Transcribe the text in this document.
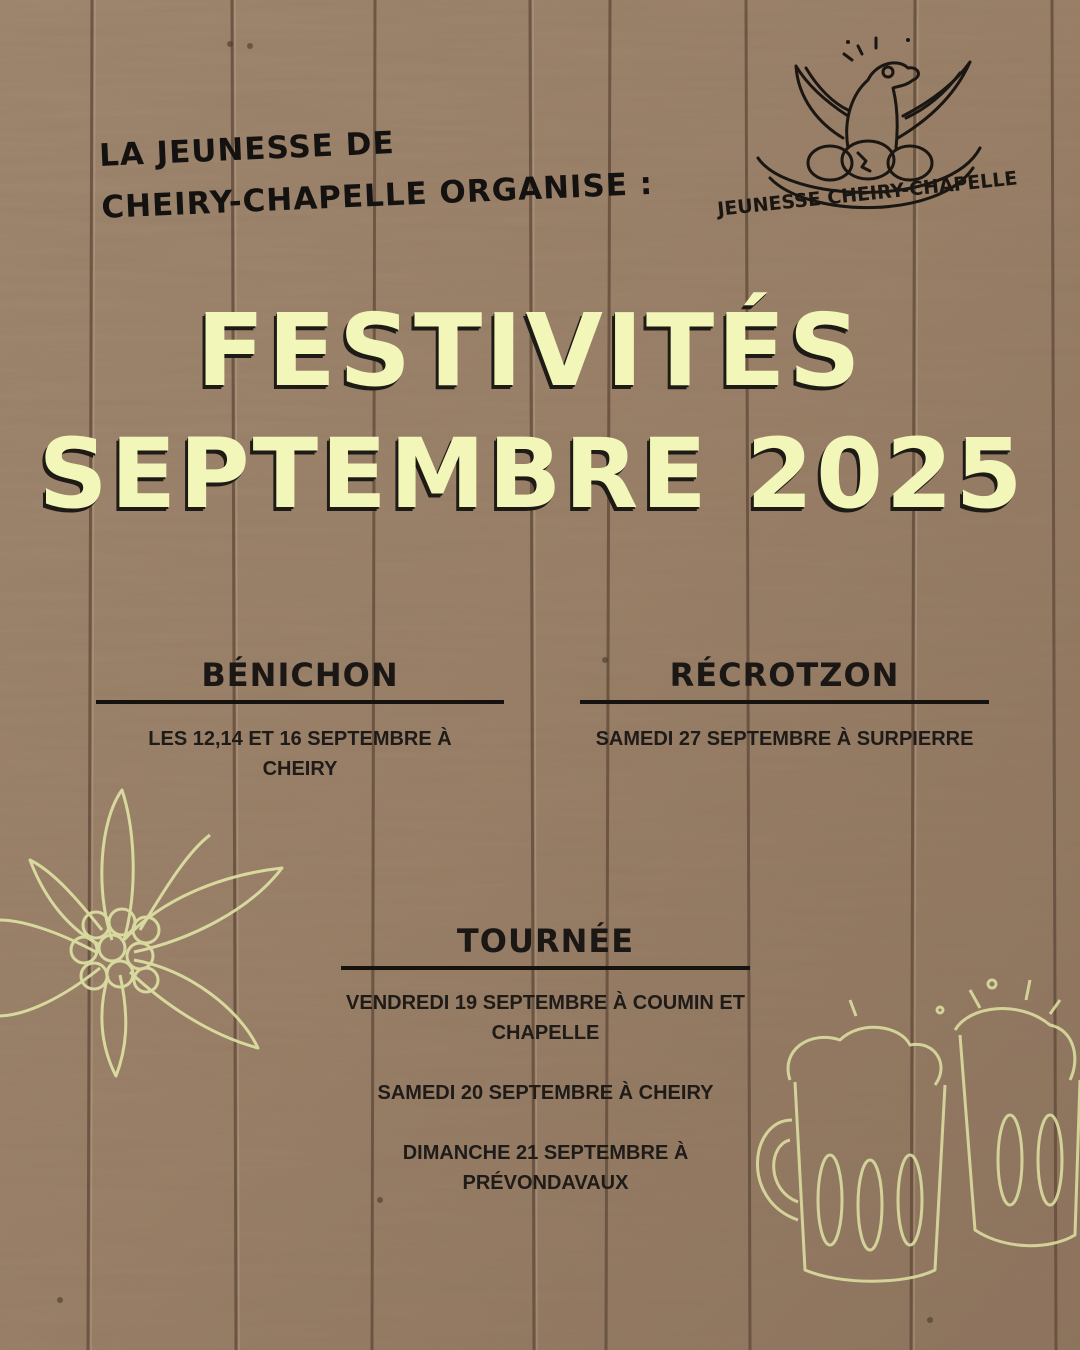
LA JEUNESSE DE
CHEIRY-CHAPELLE ORGANISE :	JEUNESSE CHEIRY-CHAPELLE
FESTIVITÉS
SEPTEMBRE 2025
BÉNICHON
LES 12,14 ET 16 SEPTEMBRE À CHEIRY
RÉCROTZON
SAMEDI 27 SEPTEMBRE À SURPIERRE
TOURNÉE

VENDREDI 19 SEPTEMBRE À COUMIN ET CHAPELLE

SAMEDI 20 SEPTEMBRE À CHEIRY

DIMANCHE 21 SEPTEMBRE À PRÉVONDAVAUX
